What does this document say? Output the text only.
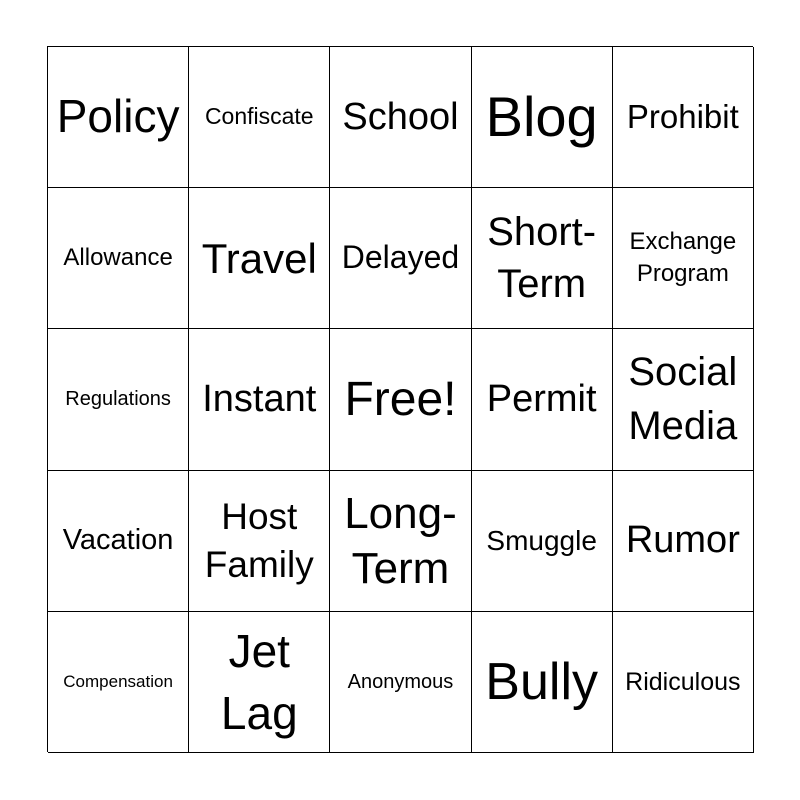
Policy Confiscate School Blog Prohibit
Allowance Travel Delayed
Short-
Term
Exchange
Program
Regulations Instant Free! Permit
Social
Media
Vacation
Host
Family
Long-
Term
Smuggle Rumor
Compensation
Jet
Lag
Anonymous Bully Ridiculous
